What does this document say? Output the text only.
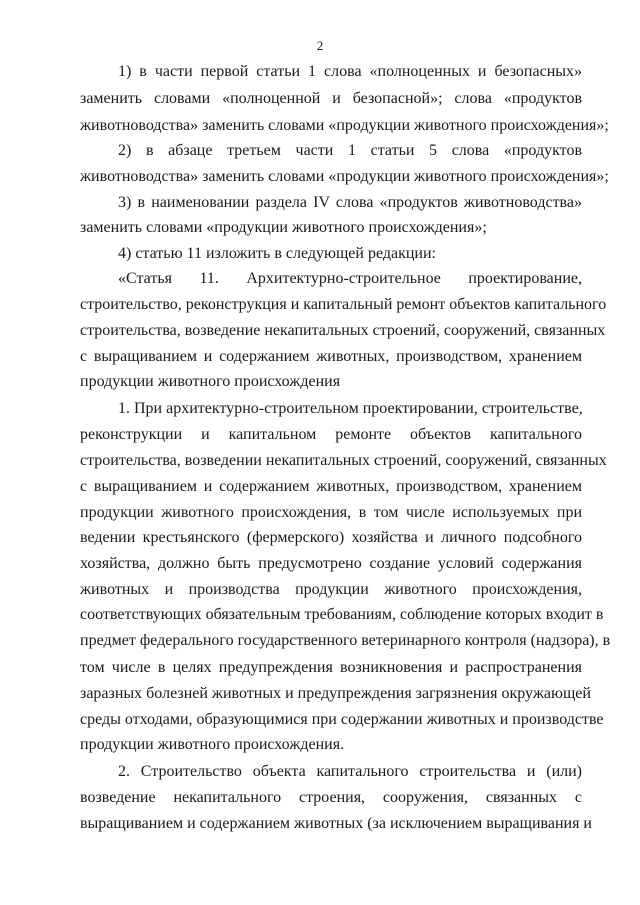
2
1) в части первой статьи 1 слова «полноценных и безопасных»
заменить словами «полноценной и безопасной»; слова «продуктов
животноводства» заменить словами «продукции животного происхождения»;
2) в абзаце третьем части 1 статьи 5 слова «продуктов
животноводства» заменить словами «продукции животного происхождения»;
3) в наименовании раздела IV слова «продуктов животноводства»
заменить словами «продукции животного происхождения»;
4) статью 11 изложить в следующей редакции:
«Статья 11. Архитектурно-строительное проектирование,
строительство, реконструкция и капитальный ремонт объектов капитального
строительства, возведение некапитальных строений, сооружений, связанных
с выращиванием и содержанием животных, производством, хранением
продукции животного происхождения
1. При архитектурно-строительном проектировании, строительстве,
реконструкции и капитальном ремонте объектов капитального
строительства, возведении некапитальных строений, сооружений, связанных
с выращиванием и содержанием животных, производством, хранением
продукции животного происхождения, в том числе используемых при
ведении крестьянского (фермерского) хозяйства и личного подсобного
хозяйства, должно быть предусмотрено создание условий содержания
животных и производства продукции животного происхождения,
соответствующих обязательным требованиям, соблюдение которых входит в
предмет федерального государственного ветеринарного контроля (надзора), в
том числе в целях предупреждения возникновения и распространения
заразных болезней животных и предупреждения загрязнения окружающей
среды отходами, образующимися при содержании животных и производстве
продукции животного происхождения.
2. Строительство объекта капитального строительства и (или)
возведение некапитального строения, сооружения, связанных с
выращиванием и содержанием животных (за исключением выращивания и
